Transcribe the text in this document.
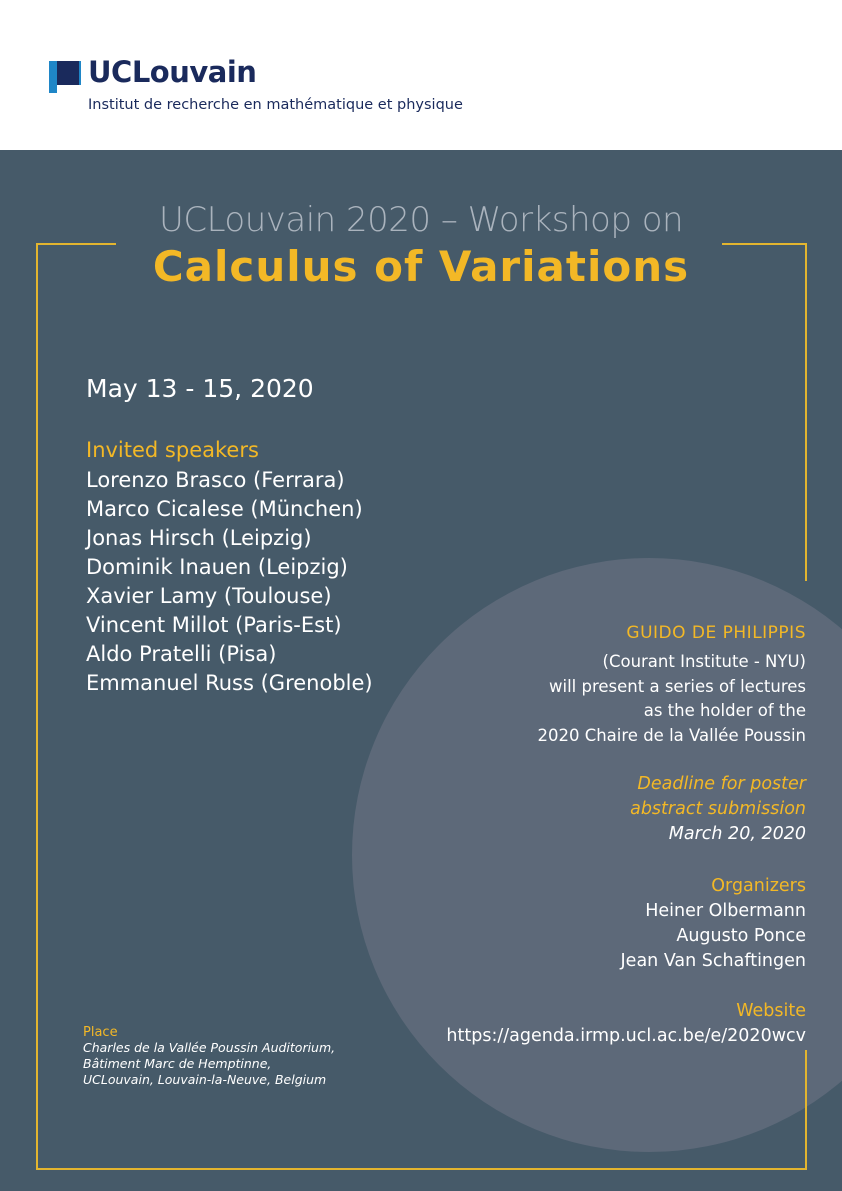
UCLouvain
Institut de recherche en mathématique et physique
UCLouvain 2020 – Workshop on
Calculus of Variations
May 13 - 15, 2020
Invited speakers
Lorenzo Brasco (Ferrara)
Marco Cicalese (München)
Jonas Hirsch (Leipzig)
Dominik Inauen (Leipzig)
Xavier Lamy (Toulouse)
Vincent Millot (Paris-Est)
Aldo Pratelli (Pisa)
Emmanuel Russ (Grenoble)
GUIDO DE PHILIPPIS
(Courant Institute - NYU)
will present a series of lectures
as the holder of the
2020 Chaire de la Vallée Poussin
Deadline for poster
abstract submission
March 20, 2020
Organizers
Heiner Olbermann
Augusto Ponce
Jean Van Schaftingen
Website
https://agenda.irmp.ucl.ac.be/e/2020wcv
Place
Charles de la Vallée Poussin Auditorium,
Bâtiment Marc de Hemptinne,
UCLouvain, Louvain-la-Neuve, Belgium
